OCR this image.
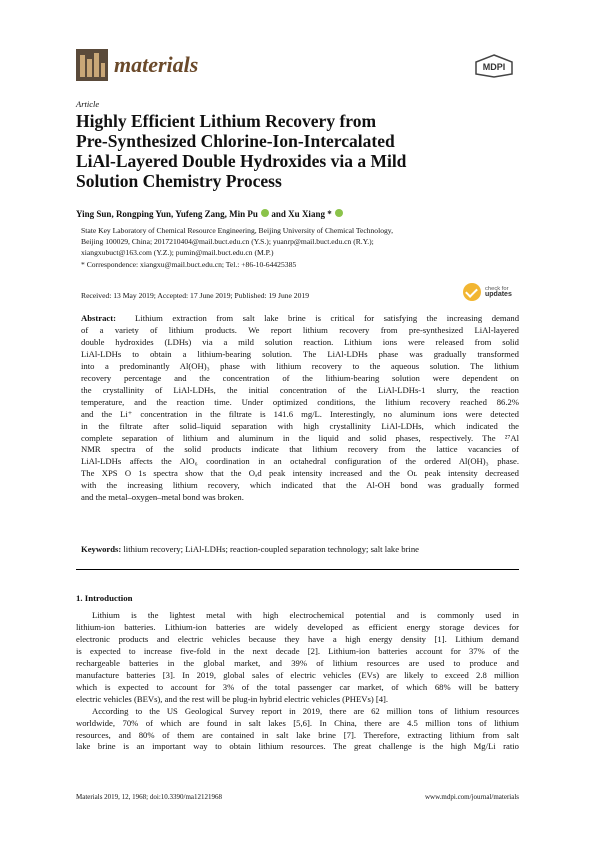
materials	MDPI
Article
Highly Efficient Lithium Recovery from
Pre-Synthesized Chlorine-Ion-Intercalated
LiAl-Layered Double Hydroxides via a Mild
Solution Chemistry Process
Ying Sun, Rongping Yun, Yufeng Zang, Min Pu and Xu Xiang *
State Key Laboratory of Chemical Resource Engineering, Beijing University of Chemical Technology,
Beijing 100029, China; 2017210404@mail.buct.edu.cn (Y.S.); yuanrp@mail.buct.edu.cn (R.Y.);
xiangxubuct@163.com (Y.Z.); pumin@mail.buct.edu.cn (M.P.)
* Correspondence: xiangxu@mail.buct.edu.cn; Tel.: +86-10-64425385
Received: 13 May 2019; Accepted: 17 June 2019; Published: 19 June 2019
check for
updates
Abstract: Lithium extraction from salt lake brine is critical for satisfying the increasing demand
of a variety of lithium products. We report lithium recovery from pre-synthesized LiAl-layered
double hydroxides (LDHs) via a mild solution reaction. Lithium ions were released from solid
LiAl-LDHs to obtain a lithium-bearing solution. The LiAl-LDHs phase was gradually transformed
into a predominantly Al(OH)₃ phase with lithium recovery to the aqueous solution. The lithium
recovery percentage and the concentration of the lithium-bearing solution were dependent on
the crystallinity of LiAl-LDHs, the initial concentration of the LiAl-LDHs-1 slurry, the reaction
temperature, and the reaction time. Under optimized conditions, the lithium recovery reached 86.2%
and the Li⁺ concentration in the filtrate is 141.6 mg/L. Interestingly, no aluminum ions were detected
in the filtrate after solid–liquid separation with high crystallinity LiAl-LDHs, which indicated the
complete separation of lithium and aluminum in the liquid and solid phases, respectively. The ²⁷Al
NMR spectra of the solid products indicate that lithium recovery from the lattice vacancies of
LiAl-LDHs affects the AlO₆ coordination in an octahedral configuration of the ordered Al(OH)₃ phase.
The XPS O 1s spectra show that the Oₐd peak intensity increased and the Oʟ peak intensity decreased
with the increasing lithium recovery, which indicated that the Al-OH bond was gradually formed
and the metal–oxygen–metal bond was broken.
Keywords: lithium recovery; LiAl-LDHs; reaction-coupled separation technology; salt lake brine
1. Introduction
Lithium is the lightest metal with high electrochemical potential and is commonly used in
lithium-ion batteries. Lithium-ion batteries are widely developed as efficient energy storage devices for
electronic products and electric vehicles because they have a high energy density [1]. Lithium demand
is expected to increase five-fold in the next decade [2]. Lithium-ion batteries account for 37% of the
rechargeable batteries in the global market, and 39% of lithium resources are used to produce and
manufacture batteries [3]. In 2019, global sales of electric vehicles (EVs) are likely to exceed 2.8 million
which is expected to account for 3% of the total passenger car market, of which 68% will be battery
electric vehicles (BEVs), and the rest will be plug-in hybrid electric vehicles (PHEVs) [4].
According to the US Geological Survey report in 2019, there are 62 million tons of lithium resources
worldwide, 70% of which are found in salt lakes [5,6]. In China, there are 4.5 million tons of lithium
resources, and 80% of them are contained in salt lake brine [7]. Therefore, extracting lithium from salt
lake brine is an important way to obtain lithium resources. The great challenge is the high Mg/Li ratio
Materials 2019, 12, 1968; doi:10.3390/ma12121968	www.mdpi.com/journal/materials
